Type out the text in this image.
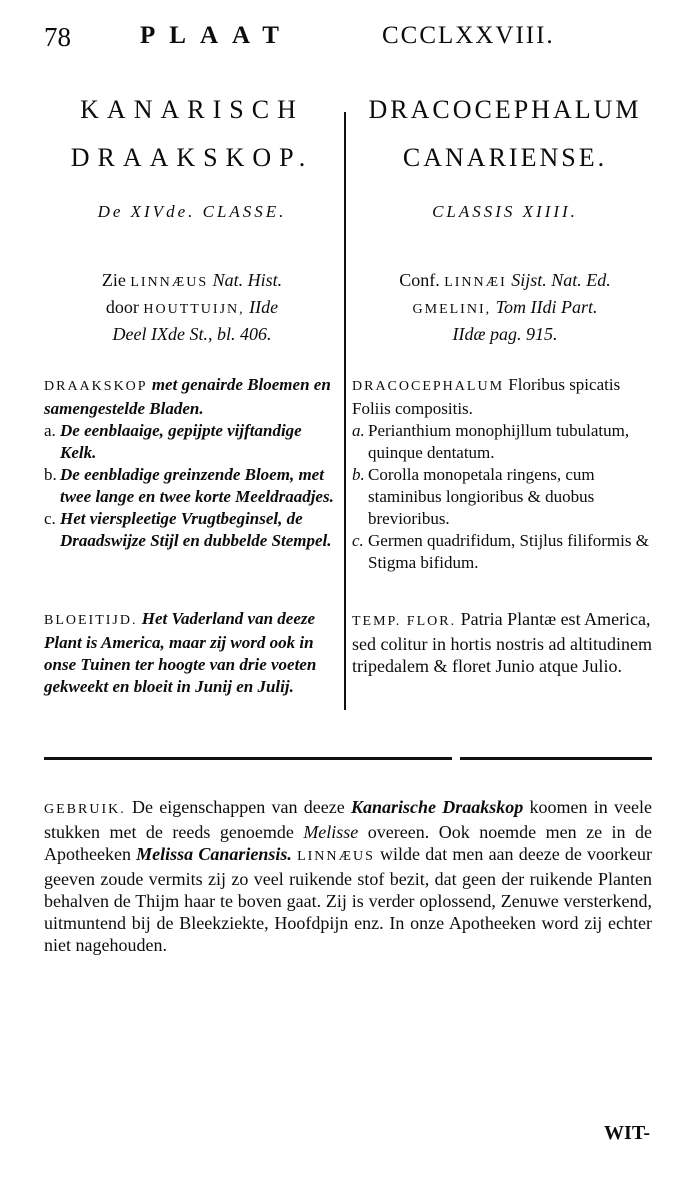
78	PLAAT	CCCLXXVIII.
KANARISCH
DRAAKSKOP.
De XIVde. CLASSE.
Zie LINNÆUS Nat. Hist.
door HOUTTUIJN, IIde
Deel IXde St., bl. 406.
DRAAKSKOP met genairde Bloemen en samengestelde Bladen.
a. De eenblaaige, gepijpte vijftandige Kelk.
b. De eenbladige greinzende Bloem, met twee lange en twee korte Meeldraadjes.
c. Het vierspleetige Vrugtbeginsel, de Draadswijze Stijl en dubbelde Stempel.
BLOEITIJD. Het Vaderland van deeze Plant is America, maar zij word ook in onse Tuinen ter hoogte van drie voeten gekweekt en bloeit in Junij en Julij.
DRACOCEPHALUM
CANARIENSE.
CLASSIS XIIII.
Conf. LINNÆI Sijst. Nat. Ed.
GMELINI, Tom IIdi Part.
IIdæ pag. 915.
DRACOCEPHALUM Floribus spicatis Foliis compositis.
a. Perianthium monophijllum tubulatum, quinque dentatum.
b. Corolla monopetala ringens, cum staminibus longioribus & duobus brevioribus.
c. Germen quadrifidum, Stijlus filiformis & Stigma bifidum.
TEMP. FLOR. Patria Plantæ est America, sed colitur in hortis nostris ad altitudinem tripedalem & floret Junio atque Julio.
GEBRUIK. De eigenschappen van deeze Kanarische Draakskop koomen in veele stukken met de reeds genoemde Melisse overeen. Ook noemde men ze in de Apotheeken Melissa Canariensis. LINNÆUS wilde dat men aan deeze de voorkeur geeven zoude vermits zij zo veel ruikende stof bezit, dat geen der ruikende Planten behalven de Thijm haar te boven gaat. Zij is verder oplossend, Zenuwe versterkend, uitmuntend bij de Bleekziekte, Hoofdpijn enz. In onze Apotheeken word zij echter niet nagehouden.
WIT-
